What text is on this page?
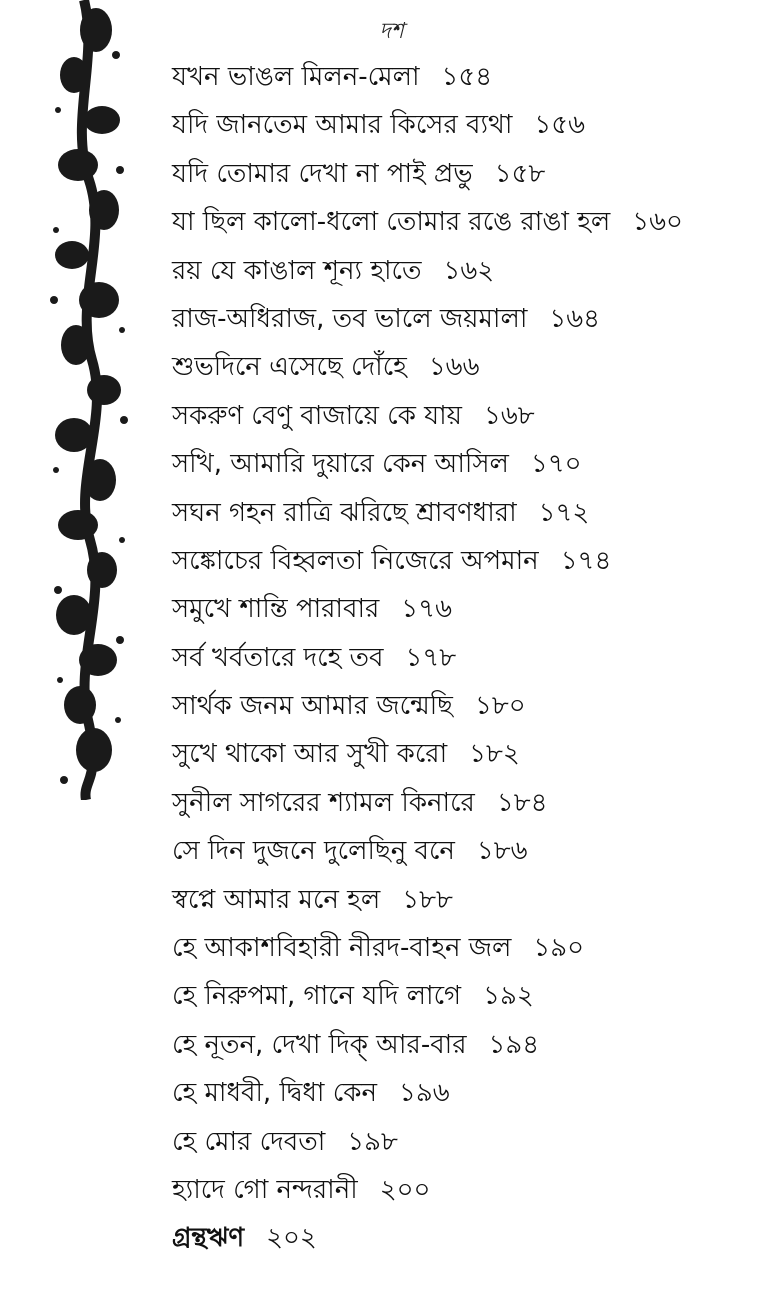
দশ
যখন ভাঙল মিলন-মেলা ১৫৪
যদি জানতেম আমার কিসের ব্যথা ১৫৬
যদি তোমার দেখা না পাই প্রভু ১৫৮
যা ছিল কালো-ধলো তোমার রঙে রাঙা হল ১৬০
রয় যে কাঙাল শূন্য হাতে ১৬২
রাজ-অধিরাজ, তব ভালে জয়মালা ১৬৪
শুভদিনে এসেছে দোঁহে ১৬৬
সকরুণ বেণু বাজায়ে কে যায় ১৬৮
সখি, আমারি দুয়ারে কেন আসিল ১৭০
সঘন গহন রাত্রি ঝরিছে শ্রাবণধারা ১৭২
সঙ্কোচের বিহ্বলতা নিজেরে অপমান ১৭৪
সমুখে শান্তি পারাবার ১৭৬
সর্ব খর্বতারে দহে তব ১৭৮
সার্থক জনম আমার জন্মেছি ১৮০
সুখে থাকো আর সুখী করো ১৮২
সুনীল সাগরের শ্যামল কিনারে ১৮৪
সে দিন দুজনে দুলেছিনু বনে ১৮৬
স্বপ্নে আমার মনে হল ১৮৮
হে আকাশবিহারী নীরদ-বাহন জল ১৯০
হে নিরুপমা, গানে যদি লাগে ১৯২
হে নূতন, দেখা দিক্ আর-বার ১৯৪
হে মাধবী, দ্বিধা কেন ১৯৬
হে মোর দেবতা ১৯৮
হ্যাদে গো নন্দরানী ২০০
গ্রন্থঋণ ২০২
